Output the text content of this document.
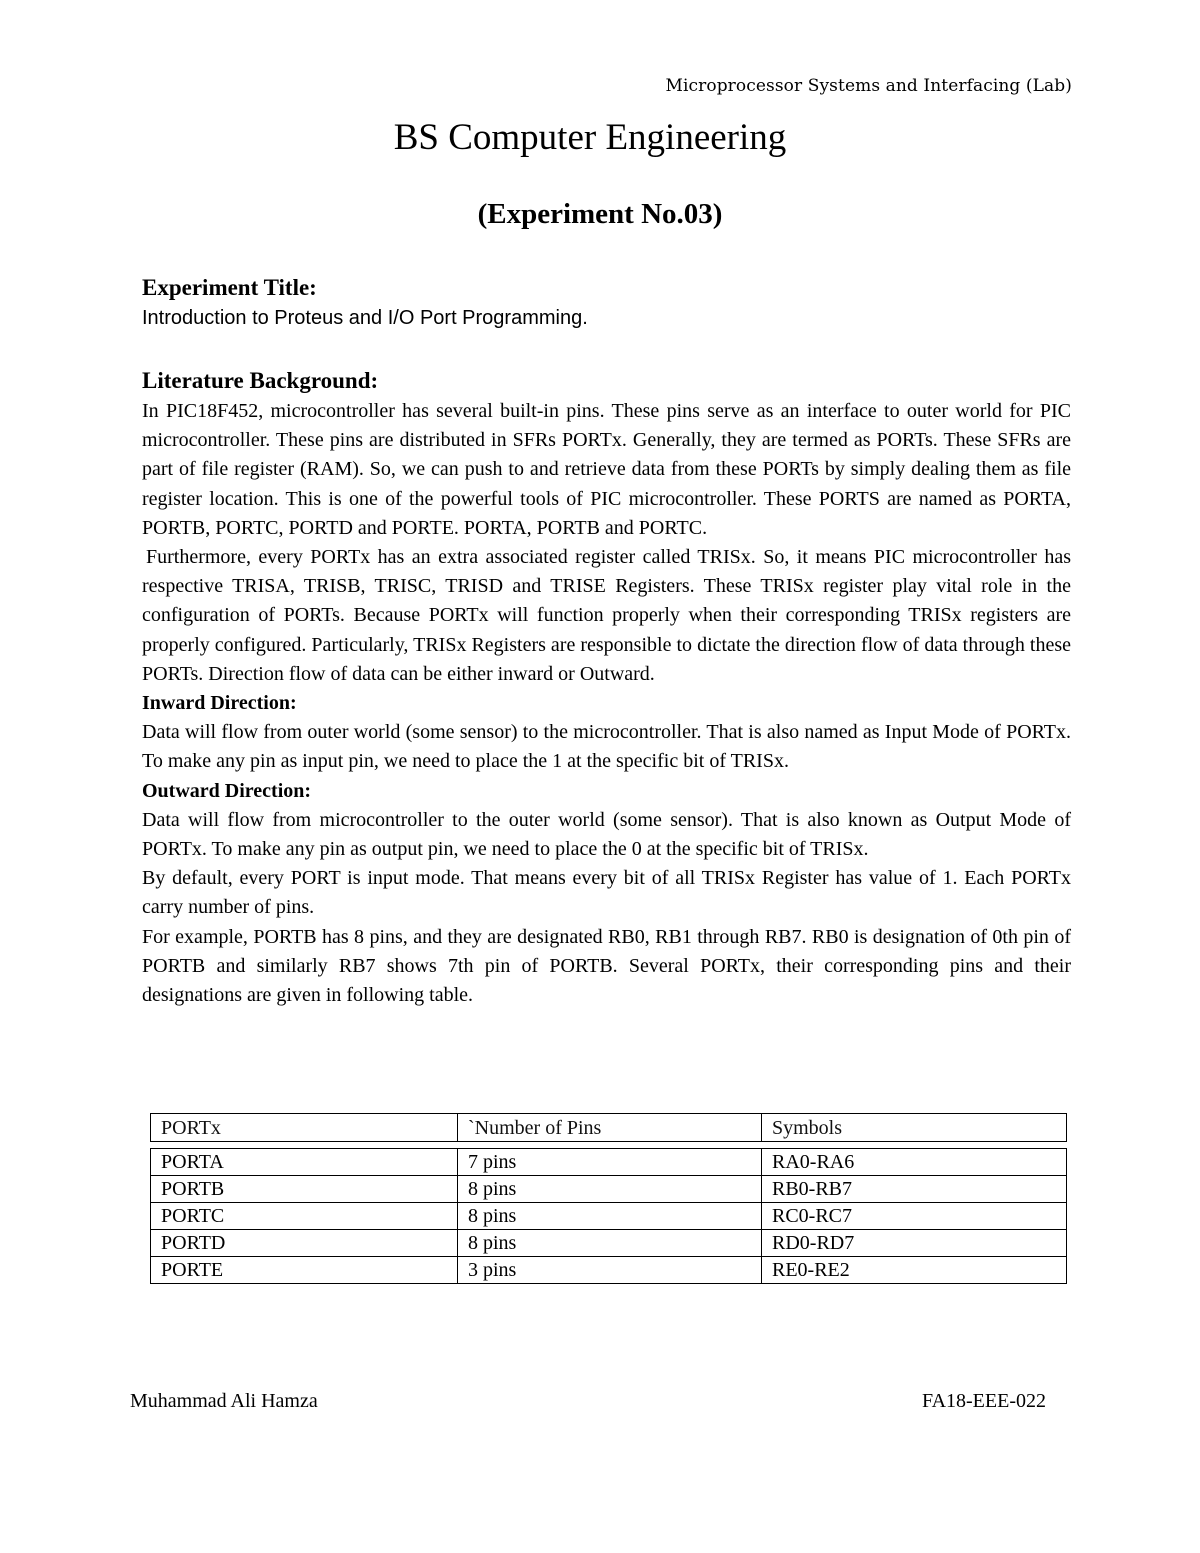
Microprocessor Systems and Interfacing (Lab)
BS Computer Engineering
(Experiment No.03)

Experiment Title:

Introduction to Proteus and I/O Port Programming.

Literature Background:

In PIC18F452, microcontroller has several built-in pins. These pins serve as an interface to outer world for PIC microcontroller. These pins are distributed in SFRs PORTx. Generally, they are termed as PORTs. These SFRs are part of file register (RAM). So, we can push to and retrieve data from these PORTs by simply dealing them as file register location. This is one of the powerful tools of PIC microcontroller. These PORTS are named as PORTA, PORTB, PORTC, PORTD and PORTE. PORTA, PORTB and PORTC.

Furthermore, every PORTx has an extra associated register called TRISx. So, it means PIC microcontroller has respective TRISA, TRISB, TRISC, TRISD and TRISE Registers. These TRISx register play vital role in the configuration of PORTs. Because PORTx will function properly when their corresponding TRISx registers are properly configured. Particularly, TRISx Registers are responsible to dictate the direction flow of data through these PORTs. Direction flow of data can be either inward or Outward.

Inward Direction:

Data will flow from outer world (some sensor) to the microcontroller. That is also named as Input Mode of PORTx. To make any pin as input pin, we need to place the 1 at the specific bit of TRISx.

Outward Direction:

Data will flow from microcontroller to the outer world (some sensor). That is also known as Output Mode of PORTx. To make any pin as output pin, we need to place the 0 at the specific bit of TRISx.

By default, every PORT is input mode. That means every bit of all TRISx Register has value of 1. Each PORTx carry number of pins.

For example, PORTB has 8 pins, and they are designated RB0, RB1 through RB7. RB0 is designation of 0th pin of PORTB and similarly RB7 shows 7th pin of PORTB. Several PORTx, their corresponding pins and their designations are given in following table.

PORTx	`Number of Pins	Symbols

PORTA	7 pins	RA0-RA6
PORTB	8 pins	RB0-RB7
PORTC	8 pins	RC0-RC7
PORTD	8 pins	RD0-RD7
PORTE	3 pins	RE0-RE2
Muhammad Ali Hamza	FA18-EEE-022
